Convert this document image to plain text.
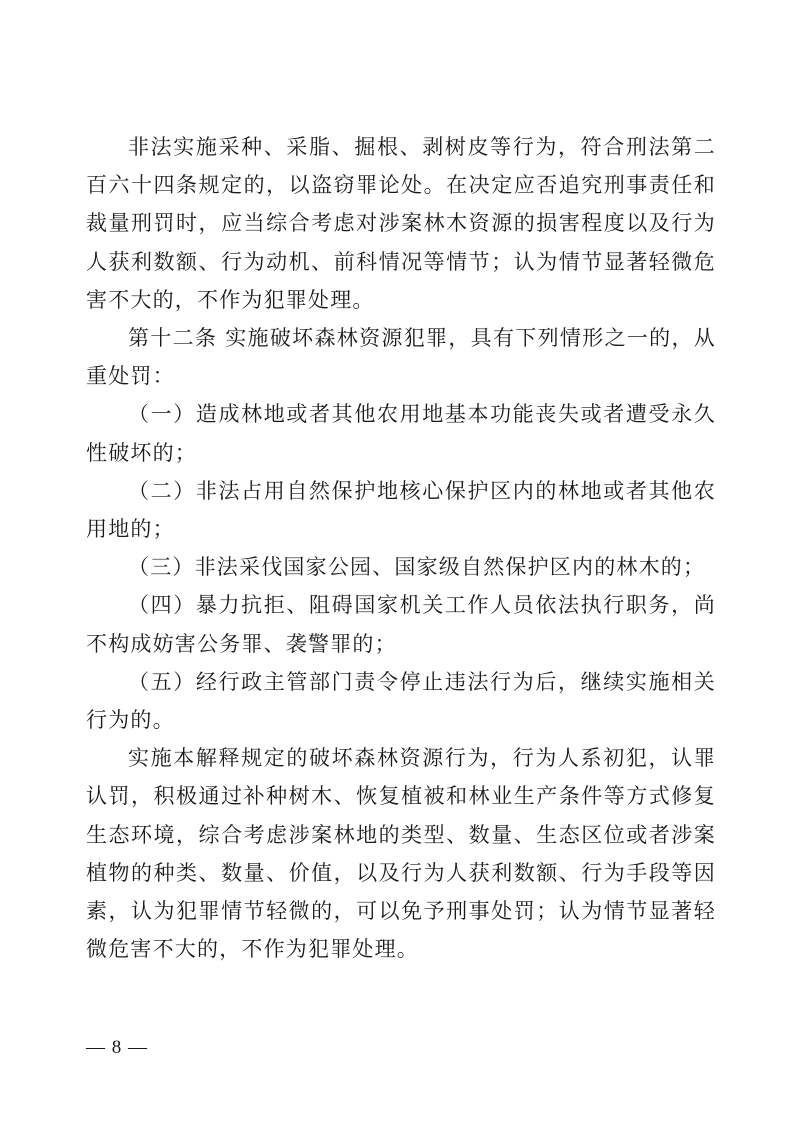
非法实施采种、采脂、掘根、剥树皮等行为，符合刑法第二百六十四条规定的，以盗窃罪论处。在决定应否追究刑事责任和裁量刑罚时，应当综合考虑对涉案林木资源的损害程度以及行为人获利数额、行为动机、前科情况等情节；认为情节显著轻微危害不大的，不作为犯罪处理。

第十二条 实施破坏森林资源犯罪，具有下列情形之一的，从重处罚：

（一）造成林地或者其他农用地基本功能丧失或者遭受永久性破坏的；

（二）非法占用自然保护地核心保护区内的林地或者其他农用地的；

（三）非法采伐国家公园、国家级自然保护区内的林木的；

（四）暴力抗拒、阻碍国家机关工作人员依法执行职务，尚不构成妨害公务罪、袭警罪的；

（五）经行政主管部门责令停止违法行为后，继续实施相关行为的。

实施本解释规定的破坏森林资源行为，行为人系初犯，认罪认罚，积极通过补种树木、恢复植被和林业生产条件等方式修复生态环境，综合考虑涉案林地的类型、数量、生态区位或者涉案植物的种类、数量、价值，以及行为人获利数额、行为手段等因素，认为犯罪情节轻微的，可以免予刑事处罚；认为情节显著轻微危害不大的，不作为犯罪处理。

— 8 —
